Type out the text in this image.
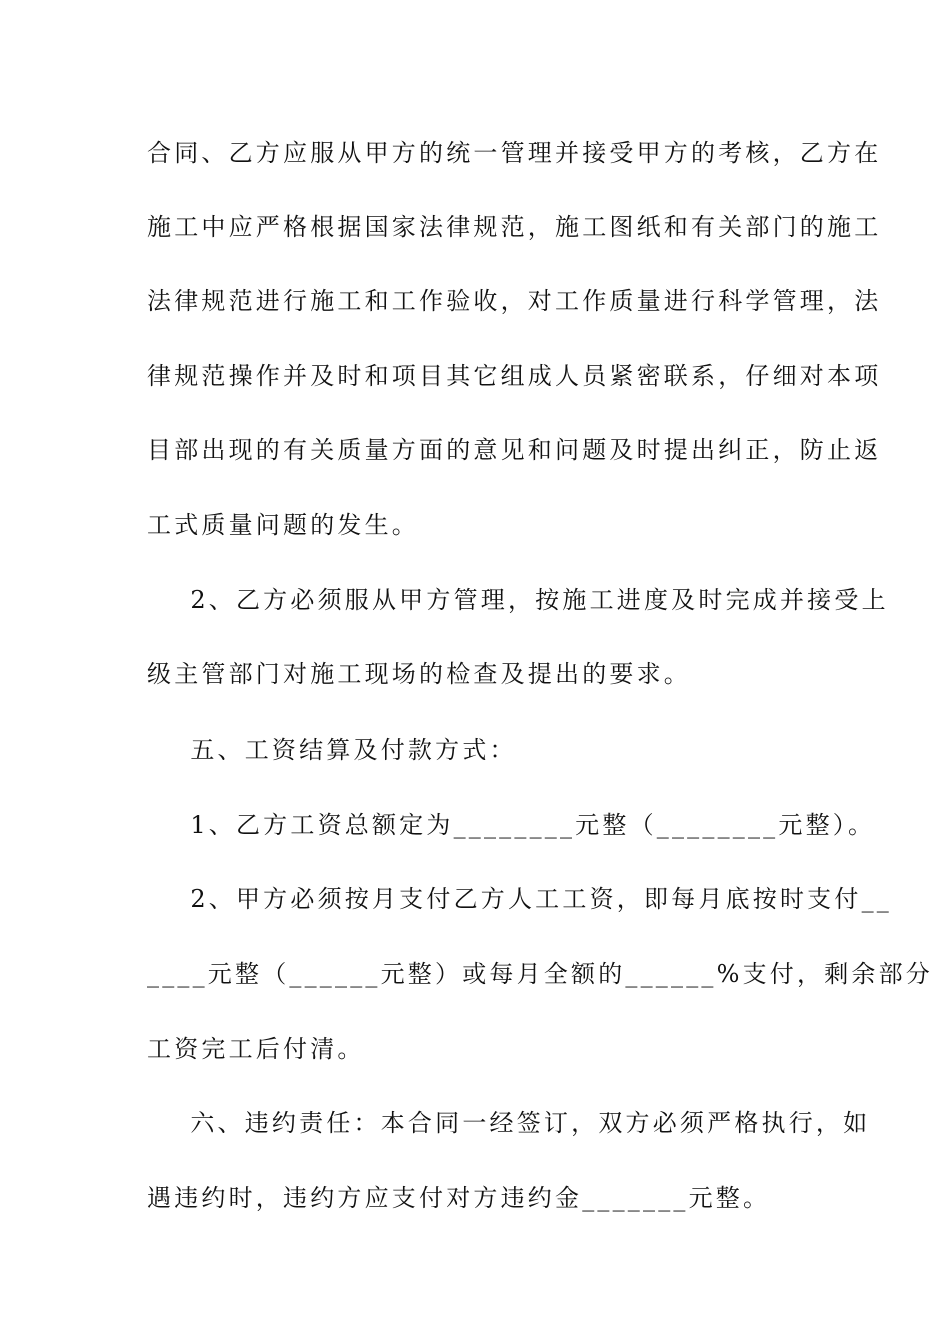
合同、乙方应服从甲方的统一管理并接受甲方的考核，乙方在
施工中应严格根据国家法律规范，施工图纸和有关部门的施工
法律规范进行施工和工作验收，对工作质量进行科学管理，法
律规范操作并及时和项目其它组成人员紧密联系，仔细对本项
目部出现的有关质量方面的意见和问题及时提出纠正，防止返
工式质量问题的发生。
2、乙方必须服从甲方管理，按施工进度及时完成并接受上
级主管部门对施工现场的检查及提出的要求。
五、工资结算及付款方式：
1、乙方工资总额定为________元整（________元整）。
2、甲方必须按月支付乙方人工工资，即每月底按时支付__
____元整（______元整）或每月全额的______%支付，剩余部分
工资完工后付清。
六、违约责任：本合同一经签订，双方必须严格执行，如
遇违约时，违约方应支付对方违约金_______元整。
